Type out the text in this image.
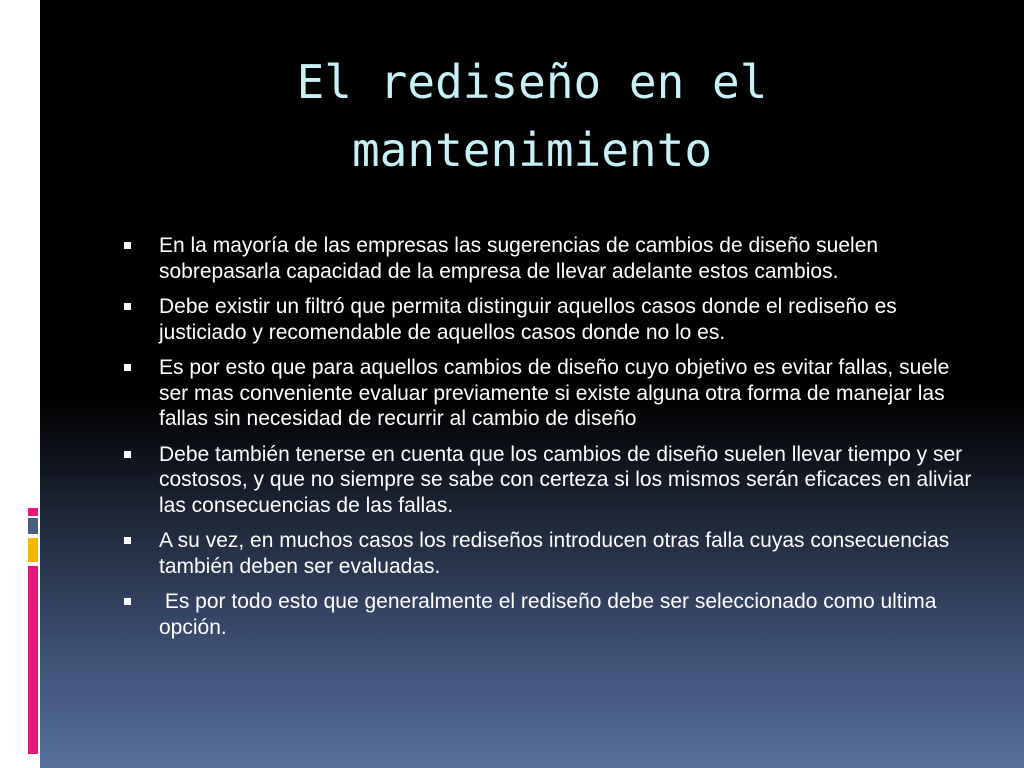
El rediseño en el
mantenimiento
En la mayoría de las empresas las sugerencias de cambios de diseño suelen sobrepasarla capacidad de la empresa de llevar adelante estos cambios.
Debe existir un filtró que permita distinguir aquellos casos donde el rediseño es justiciado y recomendable de aquellos casos donde no lo es.
Es por esto que para aquellos cambios de diseño cuyo objetivo es evitar fallas, suele ser mas conveniente evaluar previamente si existe alguna otra forma de manejar las fallas sin necesidad de recurrir al cambio de diseño
Debe también tenerse en cuenta que los cambios de diseño suelen llevar tiempo y ser costosos, y que no siempre se sabe con certeza si los mismos serán eficaces en aliviar las consecuencias de las fallas.
A su vez, en muchos casos los rediseños introducen otras falla cuyas consecuencias también deben ser evaluadas.
Es por todo esto que generalmente el rediseño debe ser seleccionado como ultima opción.
